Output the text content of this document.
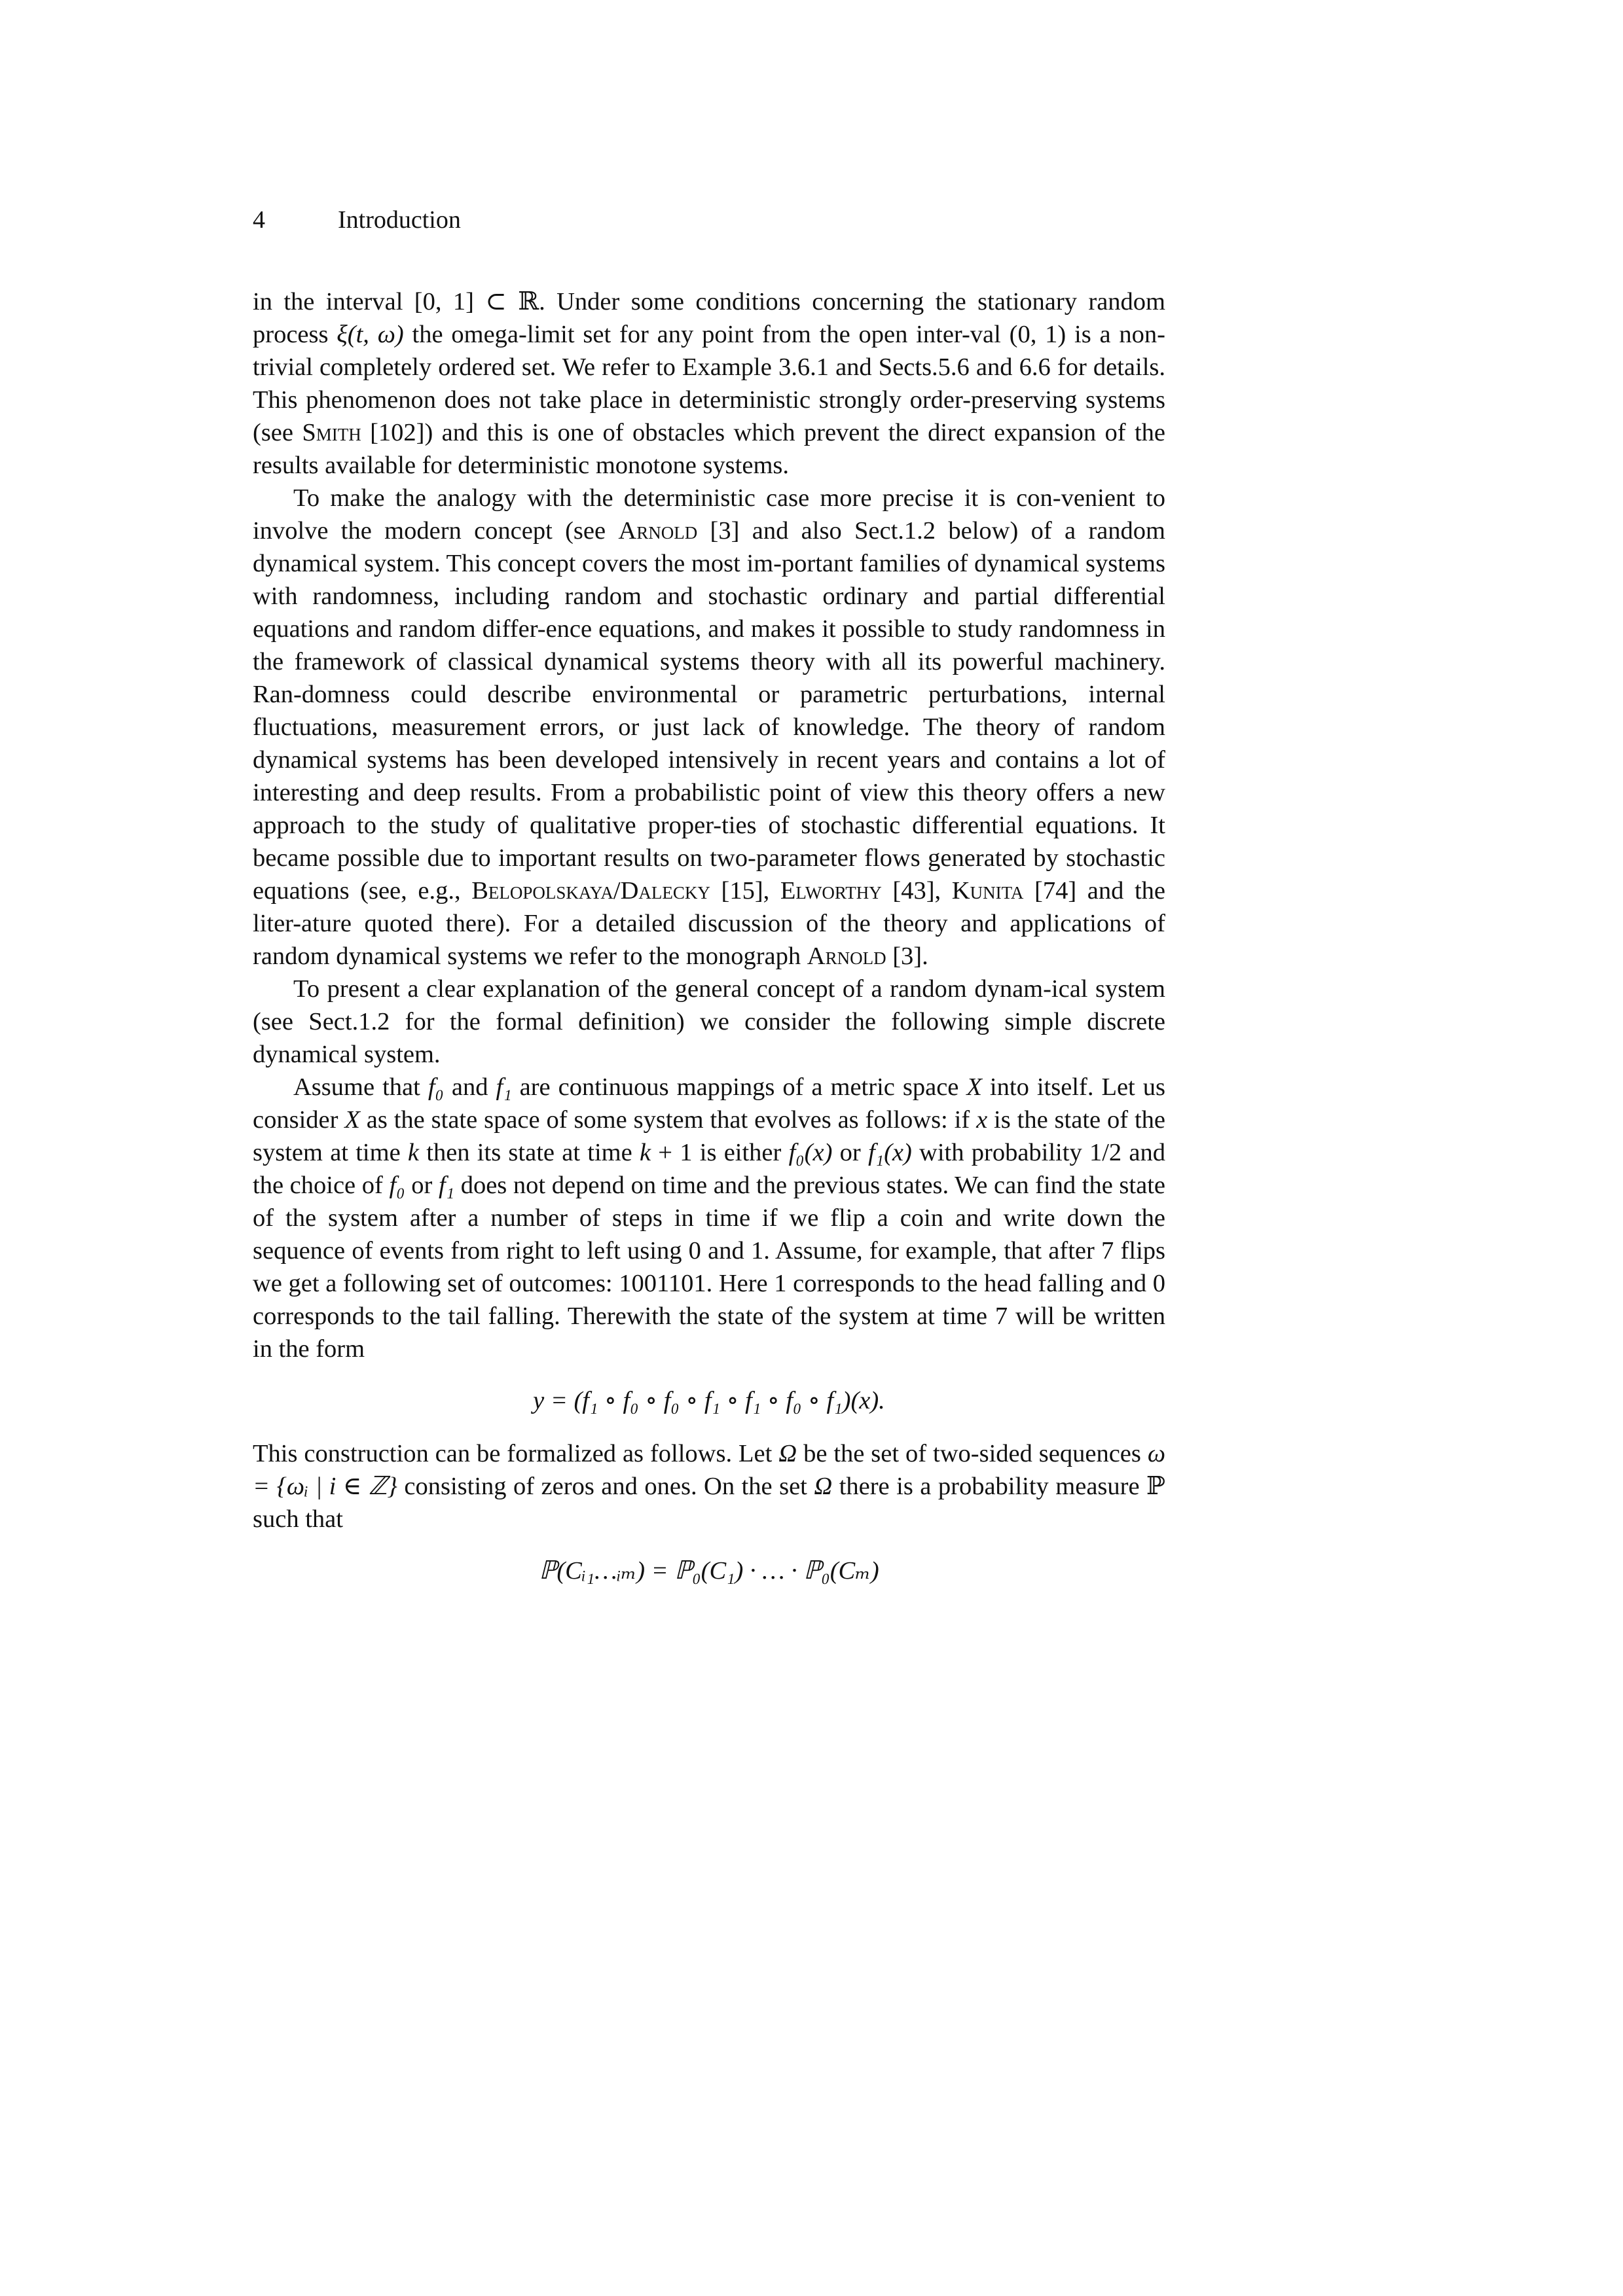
4	Introduction

in the interval [0, 1] ⊂ ℝ. Under some conditions concerning the stationary random process ξ(t, ω) the omega-limit set for any point from the open inter-val (0, 1) is a non-trivial completely ordered set. We refer to Example 3.6.1 and Sects.5.6 and 6.6 for details. This phenomenon does not take place in deterministic strongly order-preserving systems (see Smith [102]) and this is one of obstacles which prevent the direct expansion of the results available for deterministic monotone systems.

To make the analogy with the deterministic case more precise it is con-venient to involve the modern concept (see Arnold [3] and also Sect.1.2 below) of a random dynamical system. This concept covers the most im-portant families of dynamical systems with randomness, including random and stochastic ordinary and partial differential equations and random differ-ence equations, and makes it possible to study randomness in the framework of classical dynamical systems theory with all its powerful machinery. Ran-domness could describe environmental or parametric perturbations, internal fluctuations, measurement errors, or just lack of knowledge. The theory of random dynamical systems has been developed intensively in recent years and contains a lot of interesting and deep results. From a probabilistic point of view this theory offers a new approach to the study of qualitative proper-ties of stochastic differential equations. It became possible due to important results on two-parameter flows generated by stochastic equations (see, e.g., Belopolskaya/Dalecky [15], Elworthy [43], Kunita [74] and the liter-ature quoted there). For a detailed discussion of the theory and applications of random dynamical systems we refer to the monograph Arnold [3].

To present a clear explanation of the general concept of a random dynam-ical system (see Sect.1.2 for the formal definition) we consider the following simple discrete dynamical system.

Assume that f₀ and f₁ are continuous mappings of a metric space X into itself. Let us consider X as the state space of some system that evolves as follows: if x is the state of the system at time k then its state at time k + 1 is either f₀(x) or f₁(x) with probability 1/2 and the choice of f₀ or f₁ does not depend on time and the previous states. We can find the state of the system after a number of steps in time if we flip a coin and write down the sequence of events from right to left using 0 and 1. Assume, for example, that after 7 flips we get a following set of outcomes: 1001101. Here 1 corresponds to the head falling and 0 corresponds to the tail falling. Therewith the state of the system at time 7 will be written in the form

y = (f₁ ∘ f₀ ∘ f₀ ∘ f₁ ∘ f₁ ∘ f₀ ∘ f₁)(x).

This construction can be formalized as follows. Let Ω be the set of two-sided sequences ω = {ωᵢ | i ∈ ℤ} consisting of zeros and ones. On the set Ω there is a probability measure ℙ such that

ℙ(Cᵢ₁…ᵢₘ) = ℙ₀(C₁) · … · ℙ₀(Cₘ)
